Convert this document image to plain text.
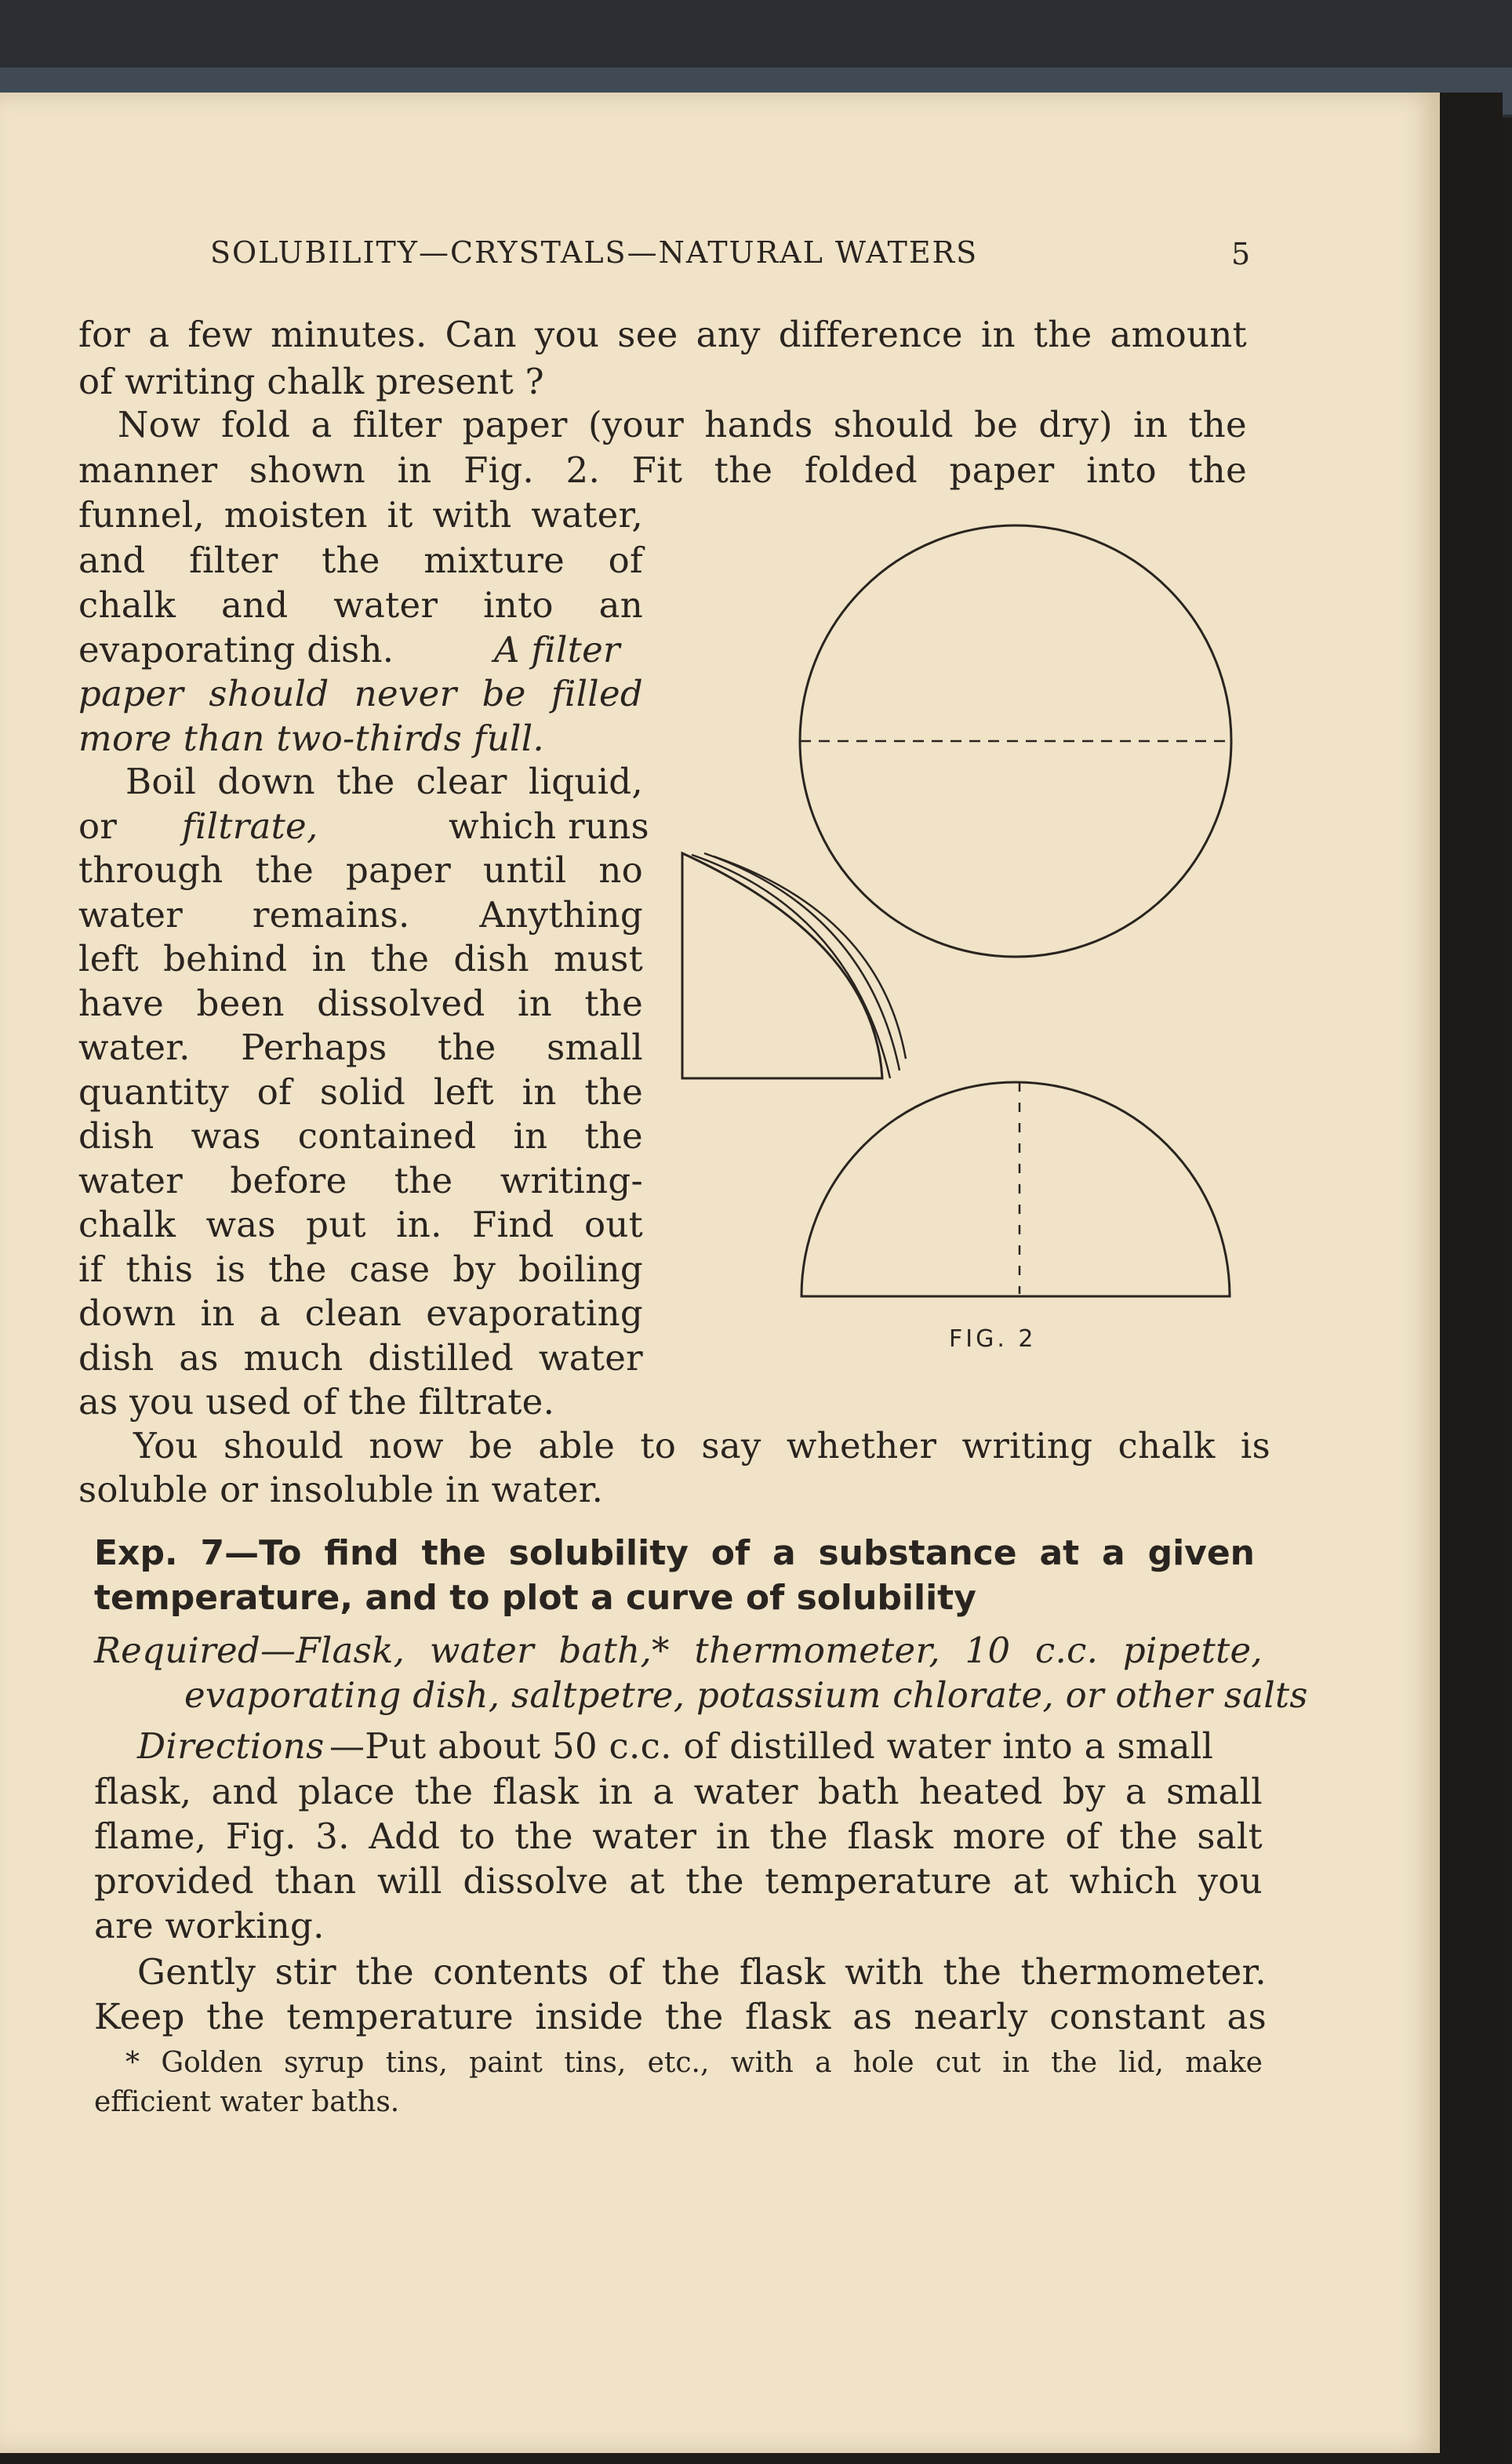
SOLUBILITY—CRYSTALS—NATURAL WATERS	5
for a few minutes. Can you see any difference in the amount
of writing chalk present ?
Now fold a filter paper (your hands should be dry) in the
manner shown in Fig. 2. Fit the folded paper into the
funnel, moisten it with water,
and filter the mixture of
chalk and water into an
evaporating dish.	A filter
paper should never be filled
more than two-thirds full.
Boil down the clear liquid,
or filtrate,	which runs
through the paper until no
water remains. Anything
left behind in the dish must
have been dissolved in the
water. Perhaps the small
quantity of solid left in the
dish was contained in the
water before the writing-
chalk was put in. Find out
if this is the case by boiling
down in a clean evaporating
dish as much distilled water
as you used of the filtrate.
You should now be able to say whether writing chalk is
soluble or insoluble in water.
FIG. 2
Exp. 7—To find the solubility of a substance at a given
temperature, and to plot a curve of solubility
Required—Flask, water bath,* thermometer, 10 c.c. pipette,
evaporating dish, saltpetre, potassium chlorate, or other salts
Directions —Put about 50 c.c. of distilled water into a small
flask, and place the flask in a water bath heated by a small
flame, Fig. 3. Add to the water in the flask more of the salt
provided than will dissolve at the temperature at which you
are working.
Gently stir the contents of the flask with the thermometer.
Keep the temperature inside the flask as nearly constant as
* Golden syrup tins, paint tins, etc., with a hole cut in the lid, make
efficient water baths.
